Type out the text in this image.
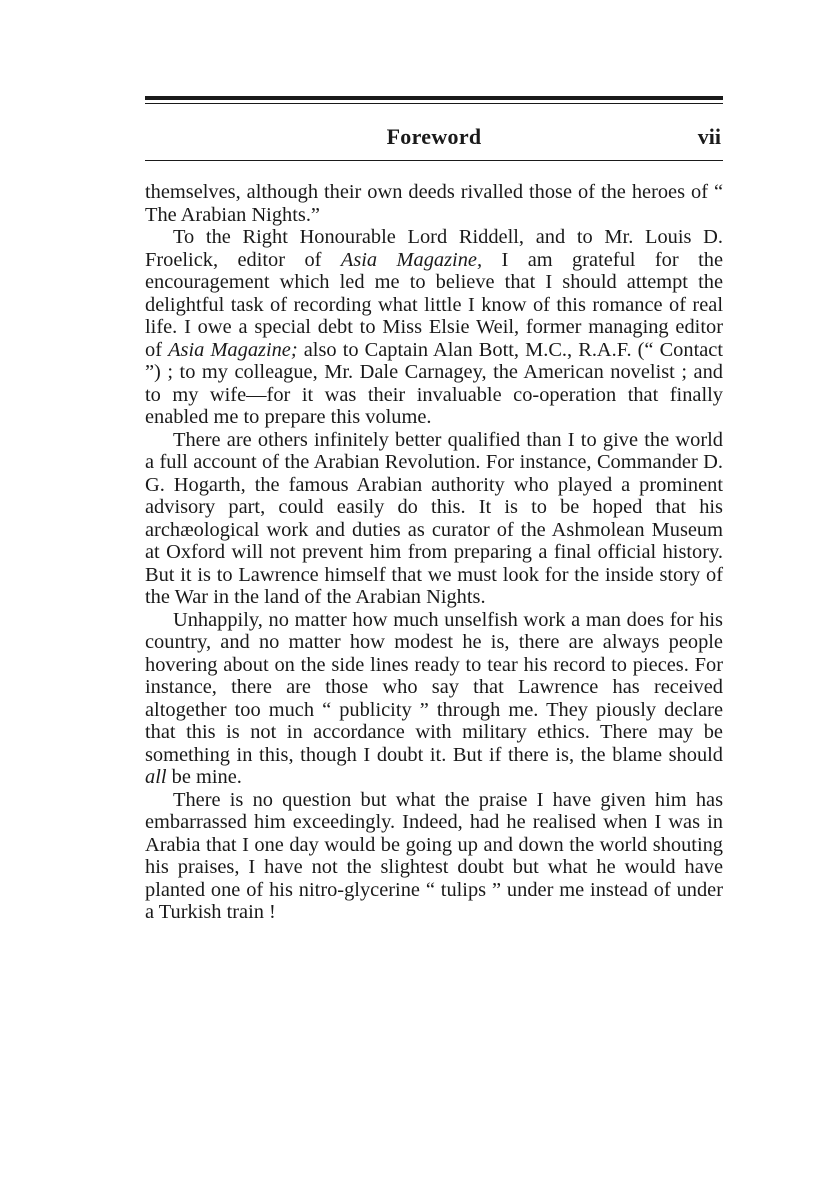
Foreword	vii

themselves, although their own deeds rivalled those of the heroes of “ The Arabian Nights.”

To the Right Honourable Lord Riddell, and to Mr. Louis D. Froelick, editor of Asia Magazine, I am grateful for the encouragement which led me to believe that I should attempt the delightful task of recording what little I know of this romance of real life. I owe a special debt to Miss Elsie Weil, former managing editor of Asia Magazine; also to Captain Alan Bott, M.C., R.A.F. (“ Contact ”) ; to my colleague, Mr. Dale Carnagey, the American novelist ; and to my wife—for it was their invaluable co-operation that finally enabled me to prepare this volume.

There are others infinitely better qualified than I to give the world a full account of the Arabian Revolution. For instance, Commander D. G. Hogarth, the famous Arabian authority who played a prominent advisory part, could easily do this. It is to be hoped that his archæological work and duties as curator of the Ashmolean Museum at Oxford will not prevent him from preparing a final official history. But it is to Lawrence himself that we must look for the inside story of the War in the land of the Arabian Nights.

Unhappily, no matter how much unselfish work a man does for his country, and no matter how modest he is, there are always people hovering about on the side lines ready to tear his record to pieces. For instance, there are those who say that Lawrence has received altogether too much “ publicity ” through me. They piously declare that this is not in accordance with military ethics. There may be something in this, though I doubt it. But if there is, the blame should all be mine.

There is no question but what the praise I have given him has embarrassed him exceedingly. Indeed, had he realised when I was in Arabia that I one day would be going up and down the world shouting his praises, I have not the slightest doubt but what he would have planted one of his nitro-glycerine “ tulips ” under me instead of under a Turkish train !
